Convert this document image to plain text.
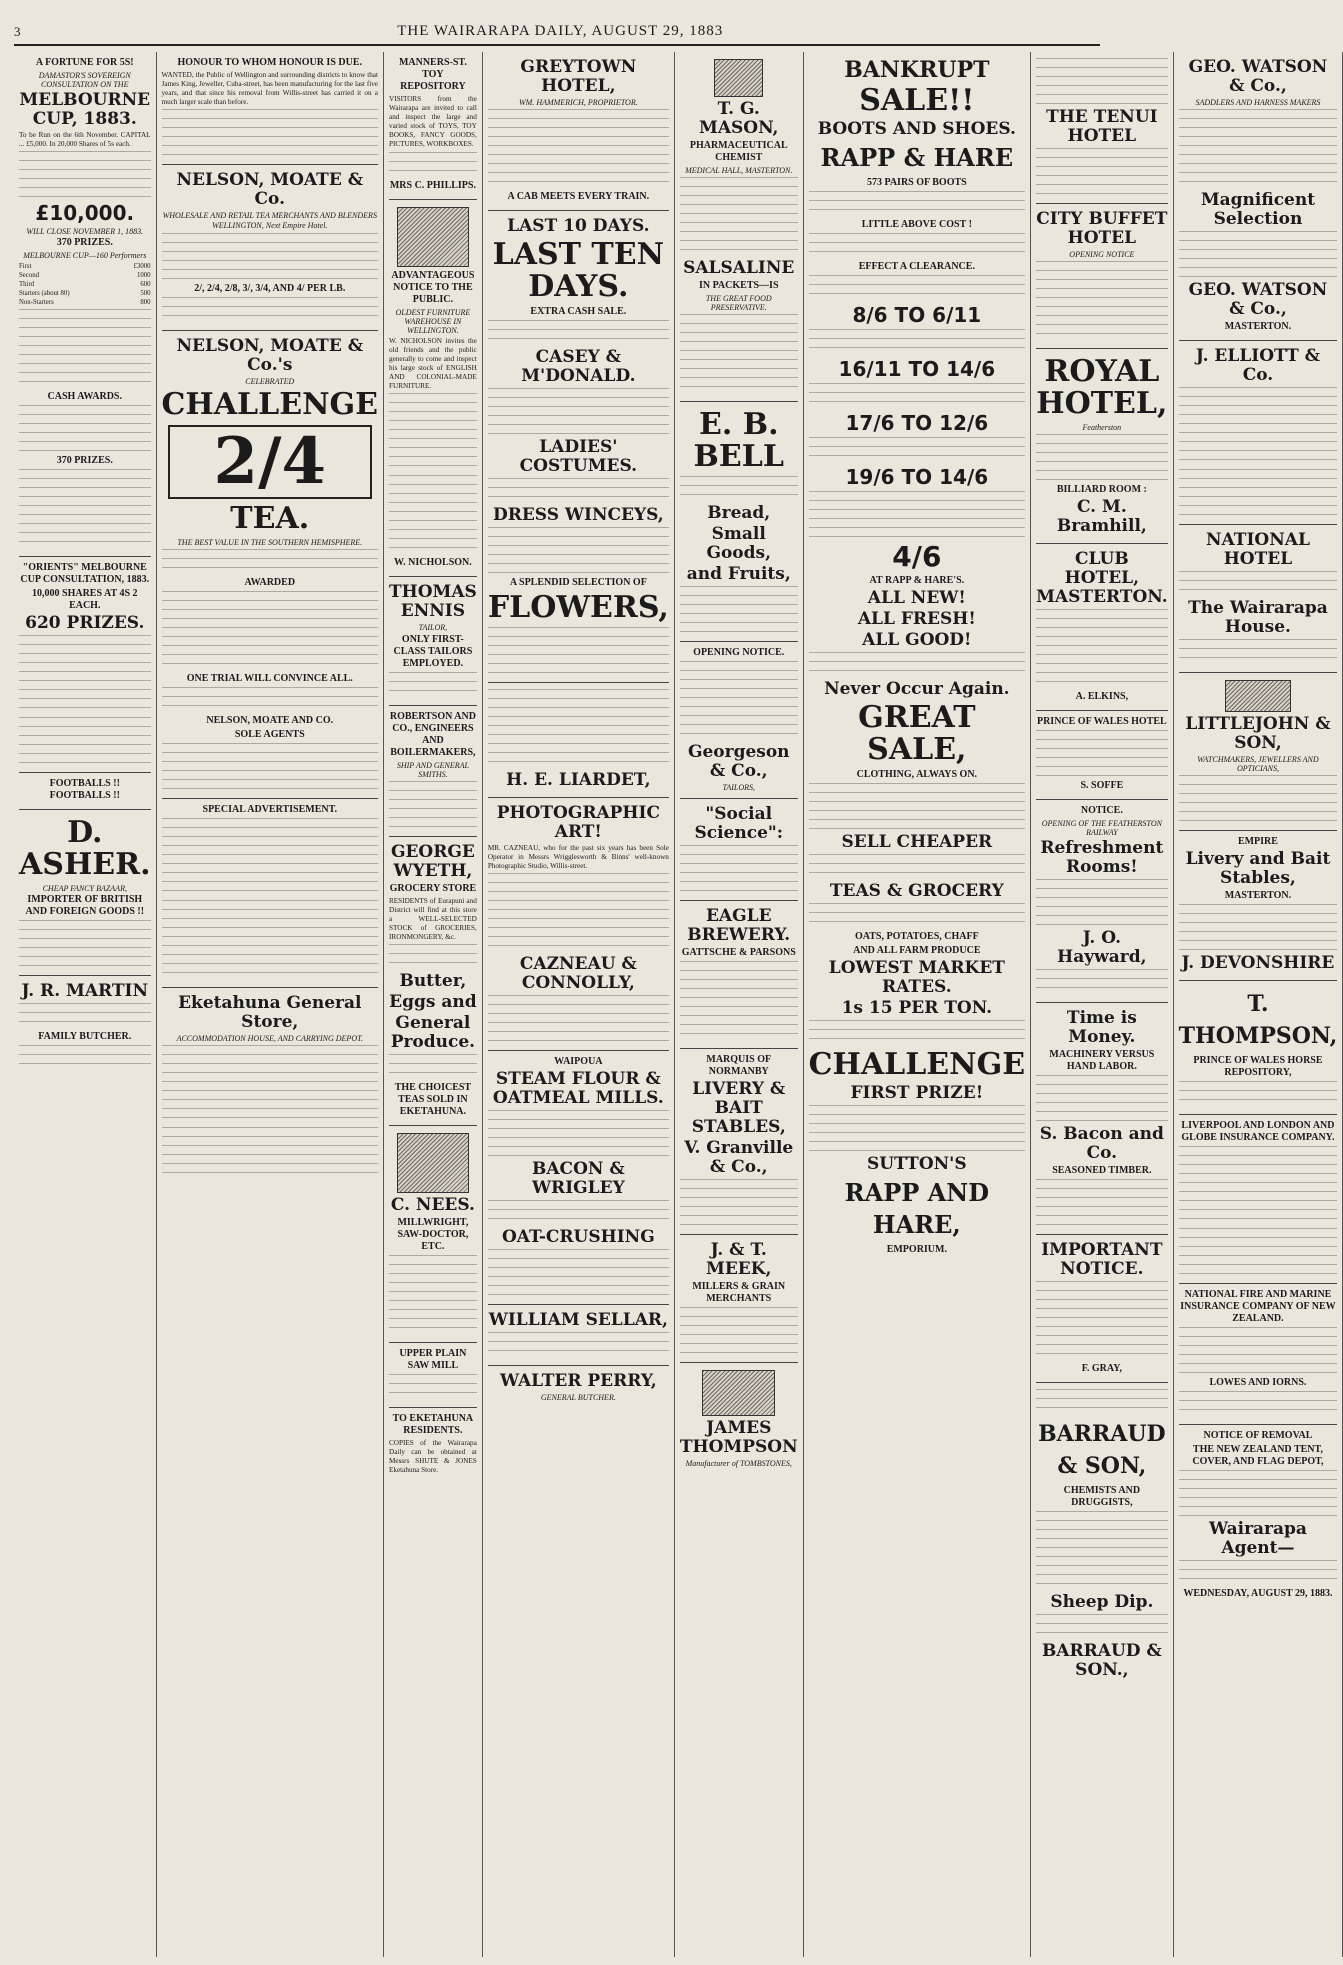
3	THE WAIRARAPA DAILY, AUGUST 29, 1883
A FORTUNE FOR 5S!
DAMASTOR'S SOVEREIGN CONSULTATION ON THE
MELBOURNE CUP, 1883.
To be Run on the 6th November. CAPITAL ... £5,000. In 20,000 Shares of 5s each.
£10,000.
WILL CLOSE NOVEMBER 1, 1883.
370 PRIZES.
MELBOURNE CUP—160 Performers
First	£3000
Second	1000
Third	600
Starters (about 80)	500
Non-Starters	800
CASH AWARDS.
370 PRIZES.
"ORIENTS" MELBOURNE CUP CONSULTATION, 1883.
10,000 SHARES AT 4S 2 EACH.
620 PRIZES.
FOOTBALLS !! FOOTBALLS !!
D. ASHER.
CHEAP FANCY BAZAAR,
IMPORTER OF BRITISH AND FOREIGN GOODS !!
J. R. MARTIN
FAMILY BUTCHER.
HONOUR TO WHOM HONOUR IS DUE.
WANTED, the Public of Wellington and surrounding districts to know that James King, Jeweller, Cuba-street, has been manufacturing for the last five years, and that since his removal from Willis-street has carried it on a much larger scale than before.
NELSON, MOATE & Co.
WHOLESALE AND RETAIL TEA MERCHANTS AND BLENDERS
WELLINGTON, Next Empire Hotel.
2/, 2/4, 2/8, 3/, 3/4, AND 4/ PER LB.
NELSON, MOATE & Co.'s
CELEBRATED
CHALLENGE
2/4
TEA.
THE BEST VALUE IN THE SOUTHERN HEMISPHERE.
AWARDED
ONE TRIAL WILL CONVINCE ALL.
NELSON, MOATE AND CO.
SOLE AGENTS
SPECIAL ADVERTISEMENT.
Eketahuna General Store,
ACCOMMODATION HOUSE, AND CARRYING DEPOT.
MANNERS-ST. TOY REPOSITORY
VISITORS from the Wairarapa are invited to call and inspect the large and varied stock of TOYS, TOY BOOKS, FANCY GOODS, PICTURES, WORKBOXES.
MRS C. PHILLIPS.
ADVANTAGEOUS NOTICE TO THE PUBLIC.
OLDEST FURNITURE WAREHOUSE IN WELLINGTON.
W. NICHOLSON invites the old friends and the public generally to come and inspect his large stock of ENGLISH AND COLONIAL-MADE FURNITURE.
W. NICHOLSON.
THOMAS ENNIS
TAILOR,
ONLY FIRST-CLASS TAILORS EMPLOYED.
ROBERTSON AND CO., ENGINEERS AND BOILERMAKERS,
SHIP AND GENERAL SMITHS.
GEORGE WYETH,
GROCERY STORE
RESIDENTS of Eurapuni and District will find at this store a WELL-SELECTED STOCK of GROCERIES, IRONMONGERY, &c.
Butter,
Eggs and
General Produce.
THE CHOICEST TEAS SOLD IN EKETAHUNA.
C. NEES.
MILLWRIGHT, SAW-DOCTOR, ETC.
UPPER PLAIN SAW MILL
TO EKETAHUNA RESIDENTS.
COPIES of the Wairarapa Daily can be obtained at Messrs SHUTE & JONES Eketahuna Store.
GREYTOWN HOTEL,
WM. HAMMERICH, PROPRIETOR.
A CAB MEETS EVERY TRAIN.
LAST 10 DAYS.
LAST TEN DAYS.
EXTRA CASH SALE.
CASEY & M'DONALD.
LADIES' COSTUMES.
DRESS WINCEYS,
A SPLENDID SELECTION OF
FLOWERS,
H. E. LIARDET,
PHOTOGRAPHIC ART!
MR. CAZNEAU, who for the past six years has been Sole Operator in Messrs Wrigglesworth & Binns' well-known Photographic Studio, Willis-street.
CAZNEAU & CONNOLLY,
WAIPOUA
STEAM FLOUR & OATMEAL MILLS.
BACON & WRIGLEY
OAT-CRUSHING
WILLIAM SELLAR,
WALTER PERRY,
GENERAL BUTCHER.
T. G. MASON,
PHARMACEUTICAL CHEMIST
MEDICAL HALL, MASTERTON.
SALSALINE
IN PACKETS—IS
THE GREAT FOOD PRESERVATIVE.
E. B. BELL
Bread,
Small Goods,
and Fruits,
OPENING NOTICE.
Georgeson & Co.,
TAILORS,
"Social Science":
EAGLE BREWERY.
GATTSCHE & PARSONS
MARQUIS OF NORMANBY
LIVERY & BAIT STABLES,
V. Granville & Co.,
J. & T. MEEK,
MILLERS & GRAIN MERCHANTS
JAMES THOMPSON
Manufacturer of TOMBSTONES,
BANKRUPT
SALE!!
BOOTS AND SHOES.
RAPP & HARE
573 PAIRS OF BOOTS
LITTLE ABOVE COST !
EFFECT A CLEARANCE.
8/6 TO 6/11
16/11 TO 14/6
17/6 TO 12/6
19/6 TO 14/6
4/6
AT RAPP & HARE'S.
ALL NEW!
ALL FRESH!
ALL GOOD!
Never Occur Again.
GREAT SALE,
CLOTHING, ALWAYS ON.
SELL CHEAPER
TEAS & GROCERY
OATS, POTATOES, CHAFF
AND ALL FARM PRODUCE
LOWEST MARKET RATES.
1s 15 PER TON.
CHALLENGE
FIRST PRIZE!
SUTTON'S
RAPP AND HARE,
EMPORIUM.
THE TENUI HOTEL
CITY BUFFET HOTEL
OPENING NOTICE
ROYAL HOTEL,
Featherston
BILLIARD ROOM :
C. M. Bramhill,
CLUB HOTEL, MASTERTON.
A. ELKINS,
PRINCE OF WALES HOTEL
S. SOFFE
NOTICE.
OPENING OF THE FEATHERSTON RAILWAY
Refreshment Rooms!
J. O. Hayward,
Time is Money.
MACHINERY VERSUS HAND LABOR.
S. Bacon and Co.
SEASONED TIMBER.
IMPORTANT NOTICE.
F. GRAY,
BARRAUD & SON,
CHEMISTS AND DRUGGISTS,
Sheep Dip.
BARRAUD & SON.,
GEO. WATSON & Co.,
SADDLERS AND HARNESS MAKERS
Magnificent Selection
GEO. WATSON & Co.,
MASTERTON.
J. ELLIOTT & Co.
NATIONAL HOTEL
The Wairarapa House.
LITTLEJOHN & SON,
WATCHMAKERS, JEWELLERS AND OPTICIANS,
EMPIRE
Livery and Bait Stables,
MASTERTON.
J. DEVONSHIRE
T. THOMPSON,
PRINCE OF WALES HORSE REPOSITORY,
LIVERPOOL AND LONDON AND GLOBE INSURANCE COMPANY.
NATIONAL FIRE AND MARINE INSURANCE COMPANY OF NEW ZEALAND.
LOWES AND IORNS.
NOTICE OF REMOVAL
THE NEW ZEALAND TENT, COVER, AND FLAG DEPOT,
Wairarapa Agent—
WEDNESDAY, AUGUST 29, 1883.
